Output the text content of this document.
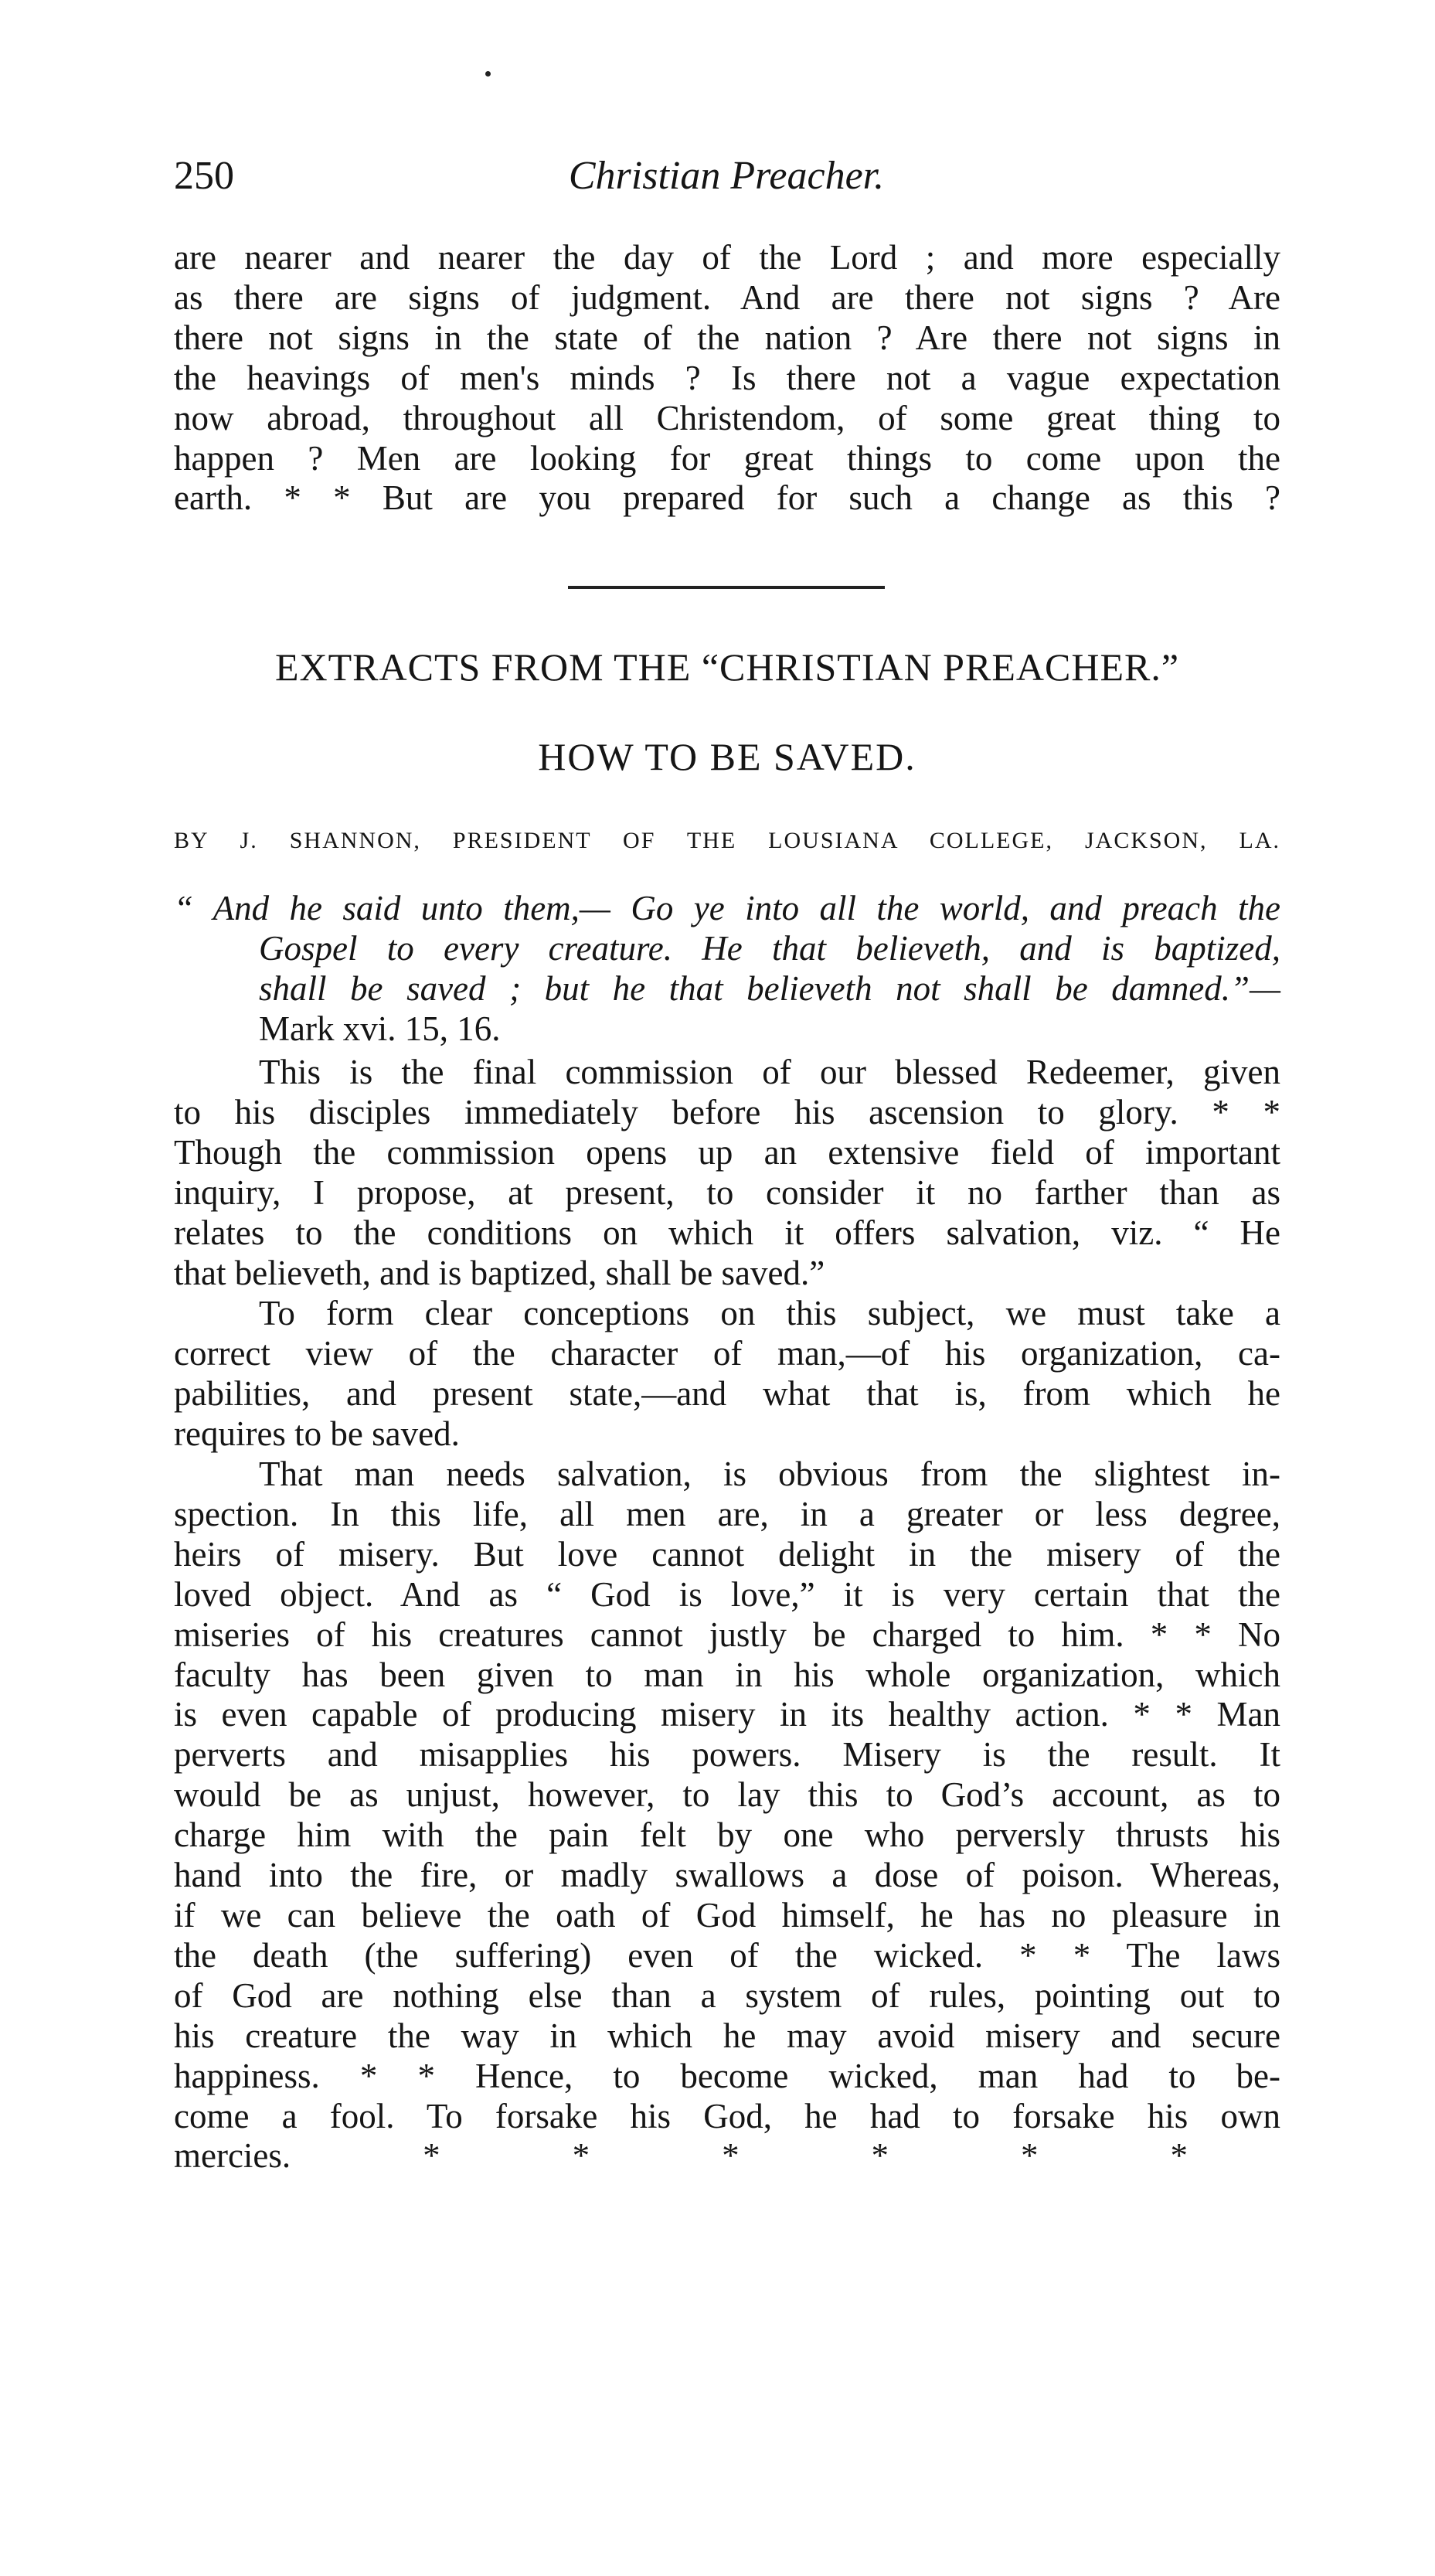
250	Christian Preacher.
are nearer and nearer the day of the Lord ; and more especially
as there are signs of judgment. And are there not signs ? Are
there not signs in the state of the nation ? Are there not signs in
the heavings of men's minds ? Is there not a vague expectation
now abroad, throughout all Christendom, of some great thing to
happen ? Men are looking for great things to come upon the
earth. * * But are you prepared for such a change as this ?
EXTRACTS FROM THE “CHRISTIAN PREACHER.”
HOW TO BE SAVED.
BY J. SHANNON, PRESIDENT OF THE LOUSIANA COLLEGE, JACKSON, LA.
“ And he said unto them,— Go ye into all the world, and preach the
Gospel to every creature. He that believeth, and is baptized,
shall be saved ; but he that believeth not shall be damned.”—
Mark xvi. 15, 16.
This is the final commission of our blessed Redeemer, given
to his disciples immediately before his ascension to glory. * *
Though the commission opens up an extensive field of important
inquiry, I propose, at present, to consider it no farther than as
relates to the conditions on which it offers salvation, viz. “ He
that believeth, and is baptized, shall be saved.”
To form clear conceptions on this subject, we must take a
correct view of the character of man,—of his organization, ca-
pabilities, and present state,—and what that is, from which he
requires to be saved.
That man needs salvation, is obvious from the slightest in-
spection. In this life, all men are, in a greater or less degree,
heirs of misery. But love cannot delight in the misery of the
loved object. And as “ God is love,” it is very certain that the
miseries of his creatures cannot justly be charged to him. * * No
faculty has been given to man in his whole organization, which
is even capable of producing misery in its healthy action. * * Man
perverts and misapplies his powers. Misery is the result. It
would be as unjust, however, to lay this to God’s account, as to
charge him with the pain felt by one who perversly thrusts his
hand into the fire, or madly swallows a dose of poison. Whereas,
if we can believe the oath of God himself, he has no pleasure in
the death (the suffering) even of the wicked. * * The laws
of God are nothing else than a system of rules, pointing out to
his creature the way in which he may avoid misery and secure
happiness. * * Hence, to become wicked, man had to be-
come a fool. To forsake his God, he had to forsake his own
mercies. * * * * * *
